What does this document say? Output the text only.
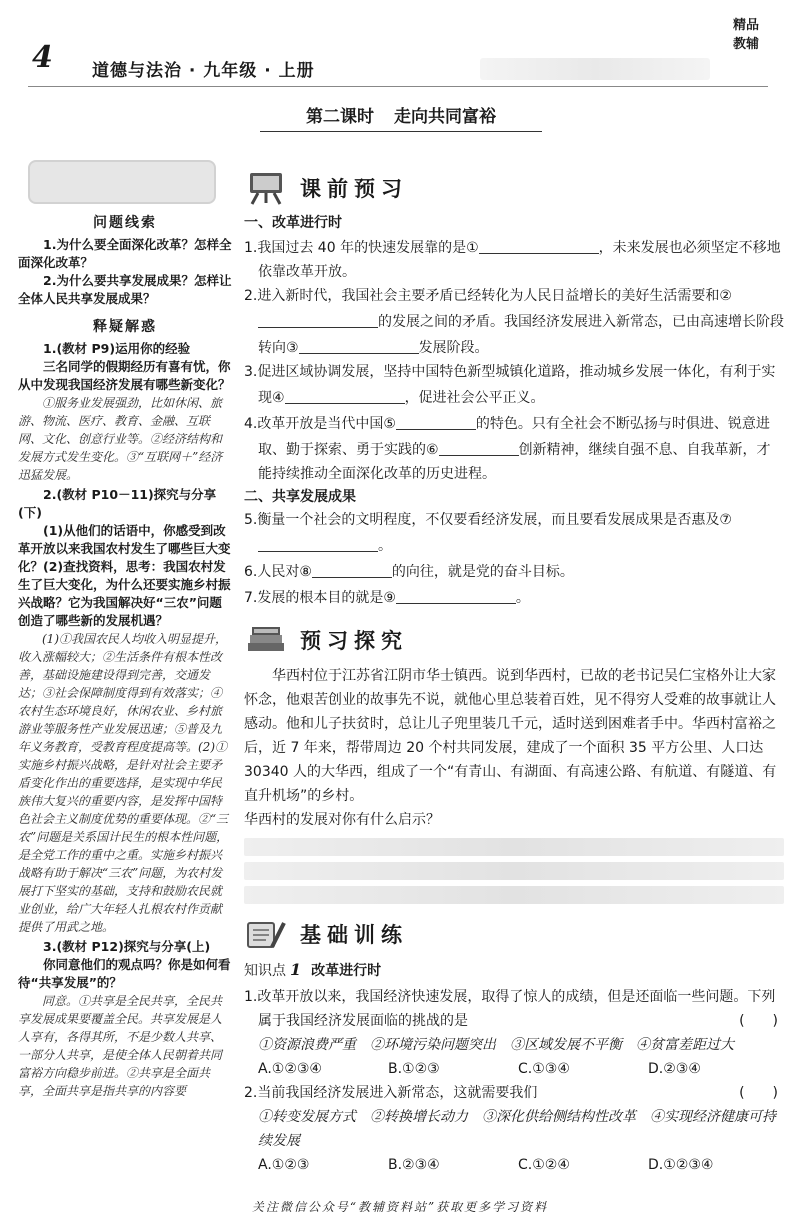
4 道德与法治 · 九年级 · 上册
精品
教辅
第二课时 走向共同富裕
问题线索
1.为什么要全面深化改革？怎样全面深化改革？
2.为什么要共享发展成果？怎样让全体人民共享发展成果？
释疑解惑
1.(教材 P9)运用你的经验
三名同学的假期经历有喜有忧，你从中发现我国经济发展有哪些新变化？
①服务业发展强劲，比如休闲、旅游、物流、医疗、教育、金融、互联网、文化、创意行业等。②经济结构和发展方式发生变化。③“互联网＋”经济迅猛发展。
2.(教材 P10－11)探究与分享(下)
(1)从他们的话语中，你感受到改革开放以来我国农村发生了哪些巨大变化？(2)查找资料，思考：我国农村发生了巨大变化，为什么还要实施乡村振兴战略？它为我国解决好“三农”问题创造了哪些新的发展机遇？
(1)①我国农民人均收入明显提升，收入涨幅较大；②生活条件有根本性改善，基础设施建设得到完善，交通发达；③社会保障制度得到有效落实；④农村生态环境良好，休闲农业、乡村旅游业等服务性产业发展迅速；⑤普及九年义务教育，受教育程度提高等。(2)①实施乡村振兴战略，是针对社会主要矛盾变化作出的重要选择，是实现中华民族伟大复兴的重要内容，是发挥中国特色社会主义制度优势的重要体现。②“三农”问题是关系国计民生的根本性问题，是全党工作的重中之重。实施乡村振兴战略有助于解决“三农”问题，为农村发展打下坚实的基础，支持和鼓励农民就业创业，给广大年轻人扎根农村作贡献提供了用武之地。
3.(教材 P12)探究与分享(上)
你同意他们的观点吗？你是如何看待“共享发展”的？
同意。①共享是全民共享，全民共享发展成果要覆盖全民。共享发展是人人享有，各得其所，不是少数人共享、一部分人共享，是使全体人民朝着共同富裕方向稳步前进。②共享是全面共享，全面共享是指共享的内容要
课前预习
一、改革进行时
1.我国过去 40 年的快速发展靠的是①	，未来发展也必须坚定不移地依靠改革开放。
2.进入新时代，我国社会主要矛盾已经转化为人民日益增长的美好生活需要和②的发展之间的矛盾。我国经济发展进入新常态，已由高速增长阶段转向③	发展阶段。
3.促进区域协调发展，坚持中国特色新型城镇化道路，推动城乡发展一体化，有利于实现④	，促进社会公平正义。
4.改革开放是当代中国⑤	的特色。只有全社会不断弘扬与时俱进、锐意进取、勤于探索、勇于实践的⑥	创新精神，继续自强不息、自我革新，才能持续推动全面深化改革的历史进程。
二、共享发展成果
5.衡量一个社会的文明程度，不仅要看经济发展，而且要看发展成果是否惠及⑦。
6.人民对⑧	的向往，就是党的奋斗目标。
7.发展的根本目的就是⑨	。
预习探究
华西村位于江苏省江阴市华士镇西。说到华西村，已故的老书记吴仁宝格外让大家怀念，他艰苦创业的故事先不说，就他心里总装着百姓，见不得穷人受难的故事就让人感动。他和儿子扶贫时，总让儿子兜里装几千元，适时送到困难者手中。华西村富裕之后，近 7 年来，帮带周边 20 个村共同发展，建成了一个面积 35 平方公里、人口达 30340 人的大华西，组成了一个“有青山、有湖面、有高速公路、有航道、有隧道、有直升机场”的乡村。
华西村的发展对你有什么启示？
基础训练
知识点 1 改革进行时
1.改革开放以来，我国经济快速发展，取得了惊人的成绩，但是还面临一些问题。下列属于我国经济发展面临的挑战的是	(　　)
①资源浪费严重　②环境污染问题突出　③区域发展不平衡　④贫富差距过大
A.①②③④	B.①②③	C.①③④	D.②③④
2.当前我国经济发展进入新常态，这就需要我们	(　　)
①转变发展方式　②转换增长动力　③深化供给侧结构性改革　④实现经济健康可持续发展
A.①②③	B.②③④	C.①②④	D.①②③④
关注微信公众号“教辅资料站”获取更多学习资料
